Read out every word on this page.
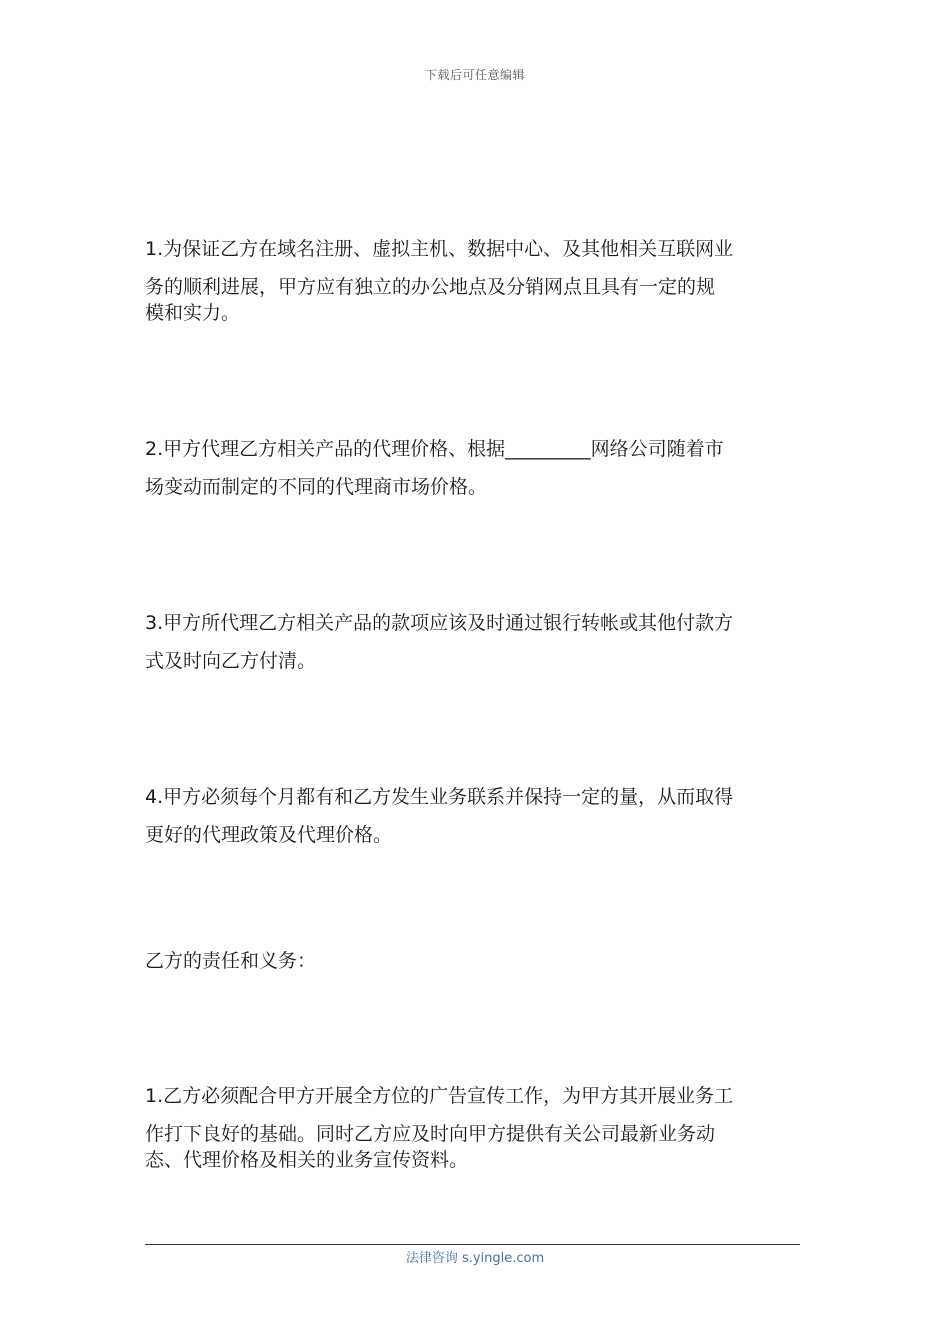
下载后可任意编辑
1.为保证乙方在域名注册、虚拟主机、数据中心、及其他相关互联网业
务的顺利进展，甲方应有独立的办公地点及分销网点且具有一定的规
模和实力。
2.甲方代理乙方相关产品的代理价格、根据_________网络公司随着市
场变动而制定的不同的代理商市场价格。
3.甲方所代理乙方相关产品的款项应该及时通过银行转帐或其他付款方
式及时向乙方付清。
4.甲方必须每个月都有和乙方发生业务联系并保持一定的量，从而取得
更好的代理政策及代理价格。
乙方的责任和义务：
1.乙方必须配合甲方开展全方位的广告宣传工作，为甲方其开展业务工
作打下良好的基础。同时乙方应及时向甲方提供有关公司最新业务动
态、代理价格及相关的业务宣传资料。
法律咨询 s.yingle.com
